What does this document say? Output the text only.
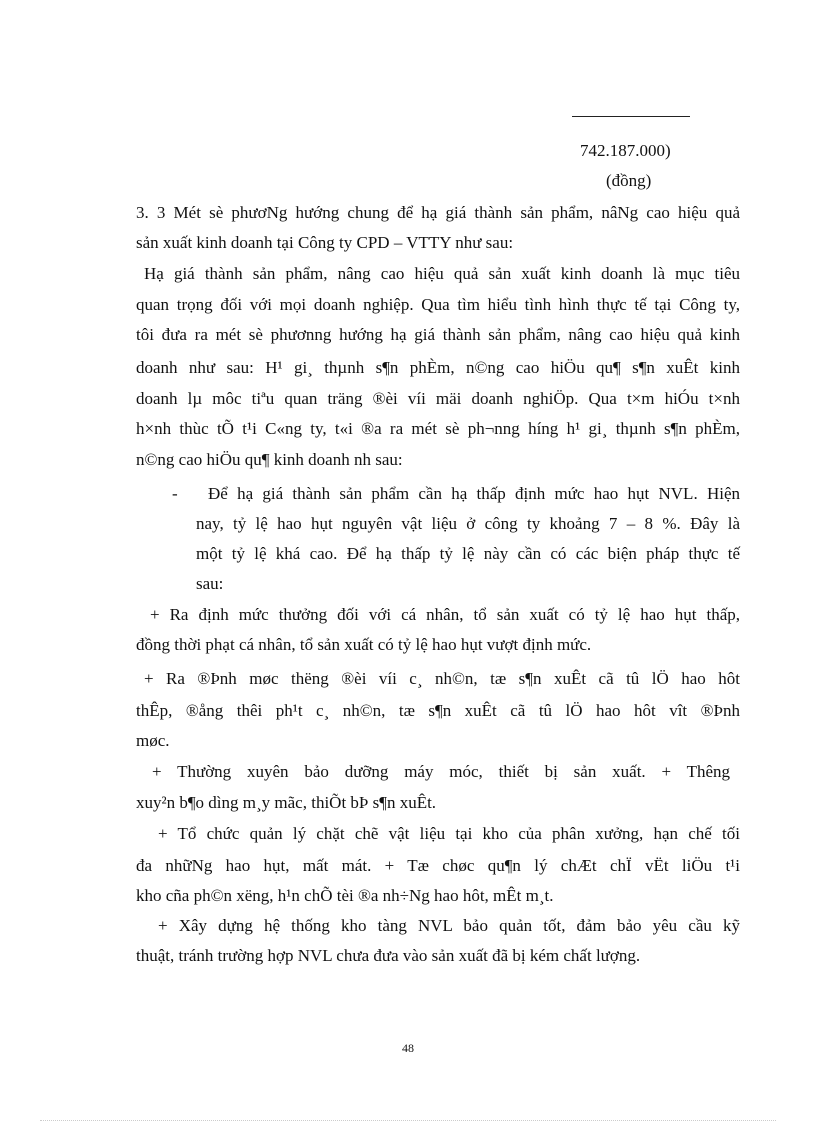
742.187.000)
(đồng)
3. 3 Mét sè phươNg hướng chung để hạ giá thành sản phẩm, nâNg cao hiệu quả
sản xuất kinh doanh tại Công ty CPD – VTTY như sau:
Hạ giá thành sản phẩm, nâng cao hiệu quả sản xuất kinh doanh là mục tiêu
quan trọng đối với mọi doanh nghiệp. Qua tìm hiểu tình hình thực tế tại Công ty,
tôi đưa ra mét sè phươnng hướng hạ giá thành sản phẩm, nâng cao hiệu quả kinh
doanh như sau: H¹ gi¸ thµnh s¶n phÈm, n©ng cao hiÖu qu¶ s¶n xuÊt kinh
doanh lµ môc tiªu quan träng ®èi víi mäi doanh nghiÖp. Qua t×m hiÓu t×nh
h×nh thùc tÕ t¹i C«ng ty, t«i ®a ra mét sè ph¬nng híng h¹ gi¸ thµnh s¶n phÈm,
n©ng cao hiÖu qu¶ kinh doanh nh sau:
- Để hạ giá thành sản phẩm cần hạ thấp định mức hao hụt NVL. Hiện
nay, tỷ lệ hao hụt nguyên vật liệu ở công ty khoảng 7 – 8 %. Đây là
một tỷ lệ khá cao. Để hạ thấp tỷ lệ này cần có các biện pháp thực tế
sau:
+ Ra định mức thưởng đối với cá nhân, tổ sản xuất có tỷ lệ hao hụt thấp,
đồng thời phạt cá nhân, tổ sản xuất có tỷ lệ hao hụt vượt định mức.
+ Ra ®Þnh møc thëng ®èi víi c¸ nh©n, tæ s¶n xuÊt cã tû lÖ hao hôt
thÊp, ®ång thêi ph¹t c¸ nh©n, tæ s¶n xuÊt cã tû lÖ hao hôt vît ®Þnh
møc.
+ Thường xuyên bảo dưỡng máy móc, thiết bị sản xuất. + Thêng
xuy²n b¶o dìng m¸y mãc, thiÕt bÞ s¶n xuÊt.
+ Tổ chức quản lý chặt chẽ vật liệu tại kho của phân xưởng, hạn chế tối
đa nhữNg hao hụt, mất mát. + Tæ chøc qu¶n lý chÆt chÏ vËt liÖu t¹i
kho cña ph©n xëng, h¹n chÕ tèi ®a nh÷Ng hao hôt, mÊt m¸t.
+ Xây dựng hệ thống kho tàng NVL bảo quản tốt, đảm bảo yêu cầu kỹ
thuật, tránh trường hợp NVL chưa đưa vào sản xuất đã bị kém chất lượng.
48
